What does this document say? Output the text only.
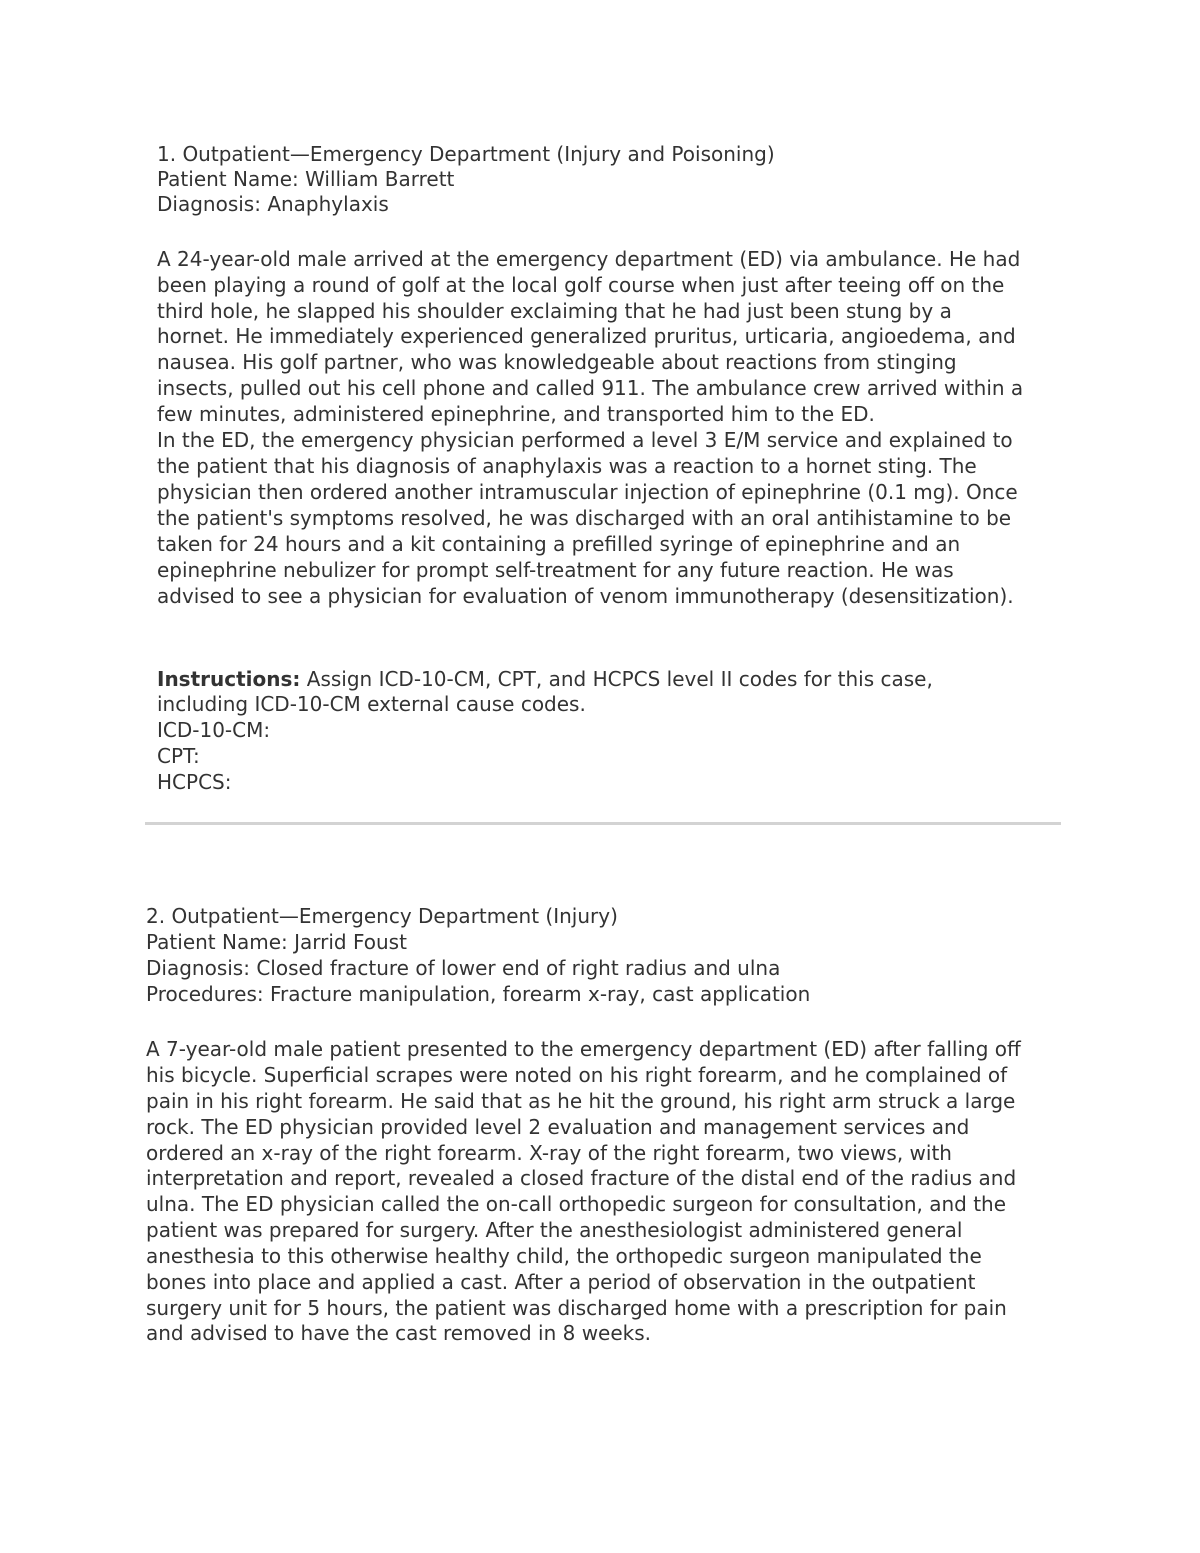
1. Outpatient—Emergency Department (Injury and Poisoning)
Patient Name: William Barrett
Diagnosis: Anaphylaxis
A 24-year-old male arrived at the emergency department (ED) via ambulance. He had
been playing a round of golf at the local golf course when just after teeing off on the
third hole, he slapped his shoulder exclaiming that he had just been stung by a
hornet. He immediately experienced generalized pruritus, urticaria, angioedema, and
nausea. His golf partner, who was knowledgeable about reactions from stinging
insects, pulled out his cell phone and called 911. The ambulance crew arrived within a
few minutes, administered epinephrine, and transported him to the ED.
In the ED, the emergency physician performed a level 3 E/M service and explained to
the patient that his diagnosis of anaphylaxis was a reaction to a hornet sting. The
physician then ordered another intramuscular injection of epinephrine (0.1 mg). Once
the patient's symptoms resolved, he was discharged with an oral antihistamine to be
taken for 24 hours and a kit containing a prefilled syringe of epinephrine and an
epinephrine nebulizer for prompt self-treatment for any future reaction. He was
advised to see a physician for evaluation of venom immunotherapy (desensitization).
Instructions: Assign ICD-10-CM, CPT, and HCPCS level II codes for this case,
including ICD-10-CM external cause codes.
ICD-10-CM:
CPT:
HCPCS:
2. Outpatient—Emergency Department (Injury)
Patient Name: Jarrid Foust
Diagnosis: Closed fracture of lower end of right radius and ulna
Procedures: Fracture manipulation, forearm x-ray, cast application
A 7-year-old male patient presented to the emergency department (ED) after falling off
his bicycle. Superficial scrapes were noted on his right forearm, and he complained of
pain in his right forearm. He said that as he hit the ground, his right arm struck a large
rock. The ED physician provided level 2 evaluation and management services and
ordered an x-ray of the right forearm. X-ray of the right forearm, two views, with
interpretation and report, revealed a closed fracture of the distal end of the radius and
ulna. The ED physician called the on-call orthopedic surgeon for consultation, and the
patient was prepared for surgery. After the anesthesiologist administered general
anesthesia to this otherwise healthy child, the orthopedic surgeon manipulated the
bones into place and applied a cast. After a period of observation in the outpatient
surgery unit for 5 hours, the patient was discharged home with a prescription for pain
and advised to have the cast removed in 8 weeks.
